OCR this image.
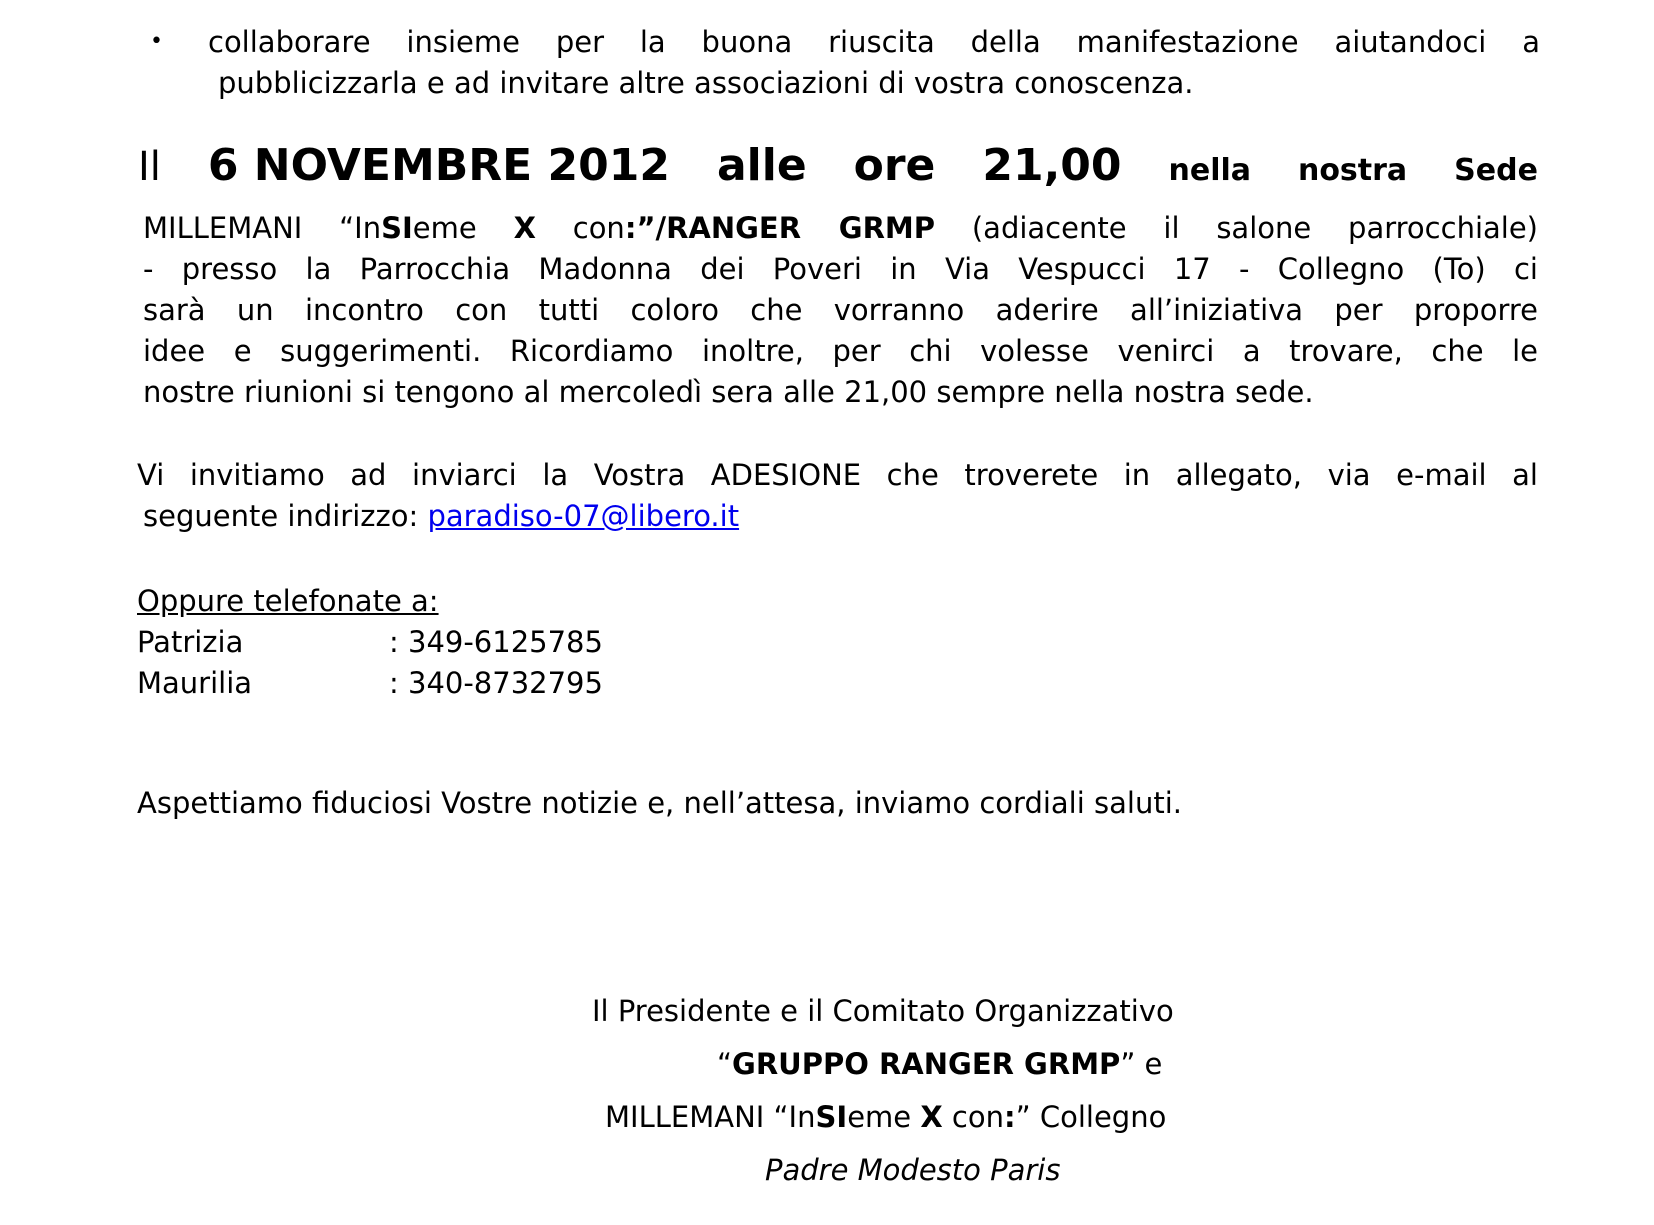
• collaborare insieme per la buona riuscita della manifestazione aiutandoci a
pubblicizzarla e ad invitare altre associazioni di vostra conoscenza.
Il 6 NOVEMBRE 2012 alle ore 21,00 nella nostra Sede
MILLEMANI “InSIeme X con:”/RANGER GRMP (adiacente il salone parrocchiale)
- presso la Parrocchia Madonna dei Poveri in Via Vespucci 17 - Collegno (To) ci
sarà un incontro con tutti coloro che vorranno aderire all’iniziativa per proporre
idee e suggerimenti. Ricordiamo inoltre, per chi volesse venirci a trovare, che le
nostre riunioni si tengono al mercoledì sera alle 21,00 sempre nella nostra sede.
Vi invitiamo ad inviarci la Vostra ADESIONE che troverete in allegato, via e-mail al
seguente indirizzo: paradiso-07@libero.it
Oppure telefonate a:
Patrizia	: 349-6125785
Maurilia	: 340-8732795
Aspettiamo fiduciosi Vostre notizie e, nell’attesa, inviamo cordiali saluti.
Il Presidente e il Comitato Organizzativo
“GRUPPO RANGER GRMP” e
MILLEMANI “InSIeme X con:” Collegno
Padre Modesto Paris
